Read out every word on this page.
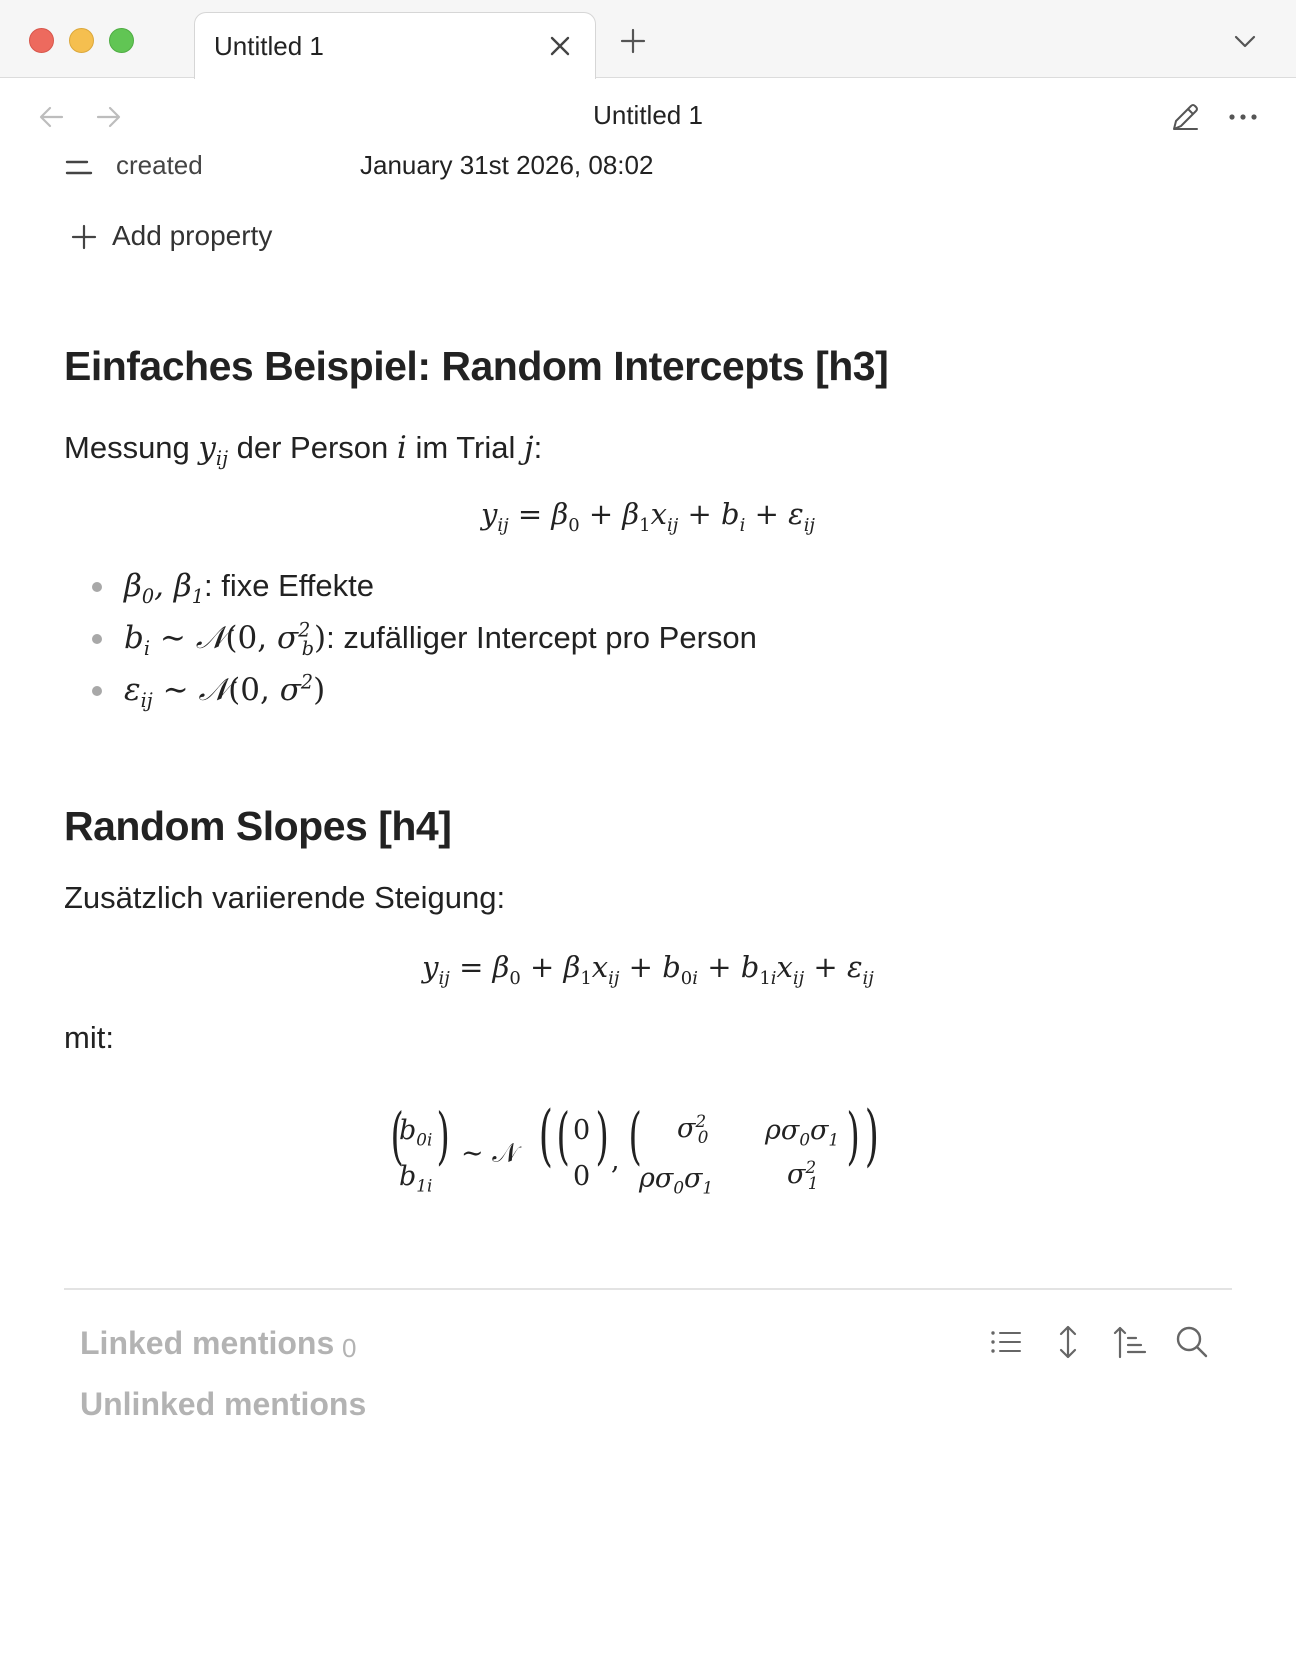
Untitled 1
Untitled 1
created	January 31st 2026, 08:02
Add property
Einfaches Beispiel: Random Intercepts [h3]
Messung $y_{ij}$ der Person i im Trial j:
$y_{ij} = \beta_0 + \beta_1x_{ij} + b_i + \varepsilon_{ij}$
$\beta_0$, $\beta_1$: fixe Effekte
$b_i$ ∼ 𝒩(0, $\sigma^2_b$): zufälliger Intercept pro Person
$\varepsilon_{ij}$ ∼ 𝒩(0, $\sigma^2$)
Random Slopes [h4]
Zusätzlich variierende Steigung:
$y_{ij} = \beta_0 + \beta_1x_{ij} + b_{0i} + b_{1i}x_{ij} + \varepsilon_{ij}$
mit:
(
$b_{0i}$
$b_{1i}$
) ∼ 𝒩 ( ( 0
0
) , ( $\sigma^2_0$ $\rho\sigma_0\sigma_1$
$\rho\sigma_0\sigma_1$	$\sigma^2_1$
) )
Linked mentions 0
Unlinked mentions
